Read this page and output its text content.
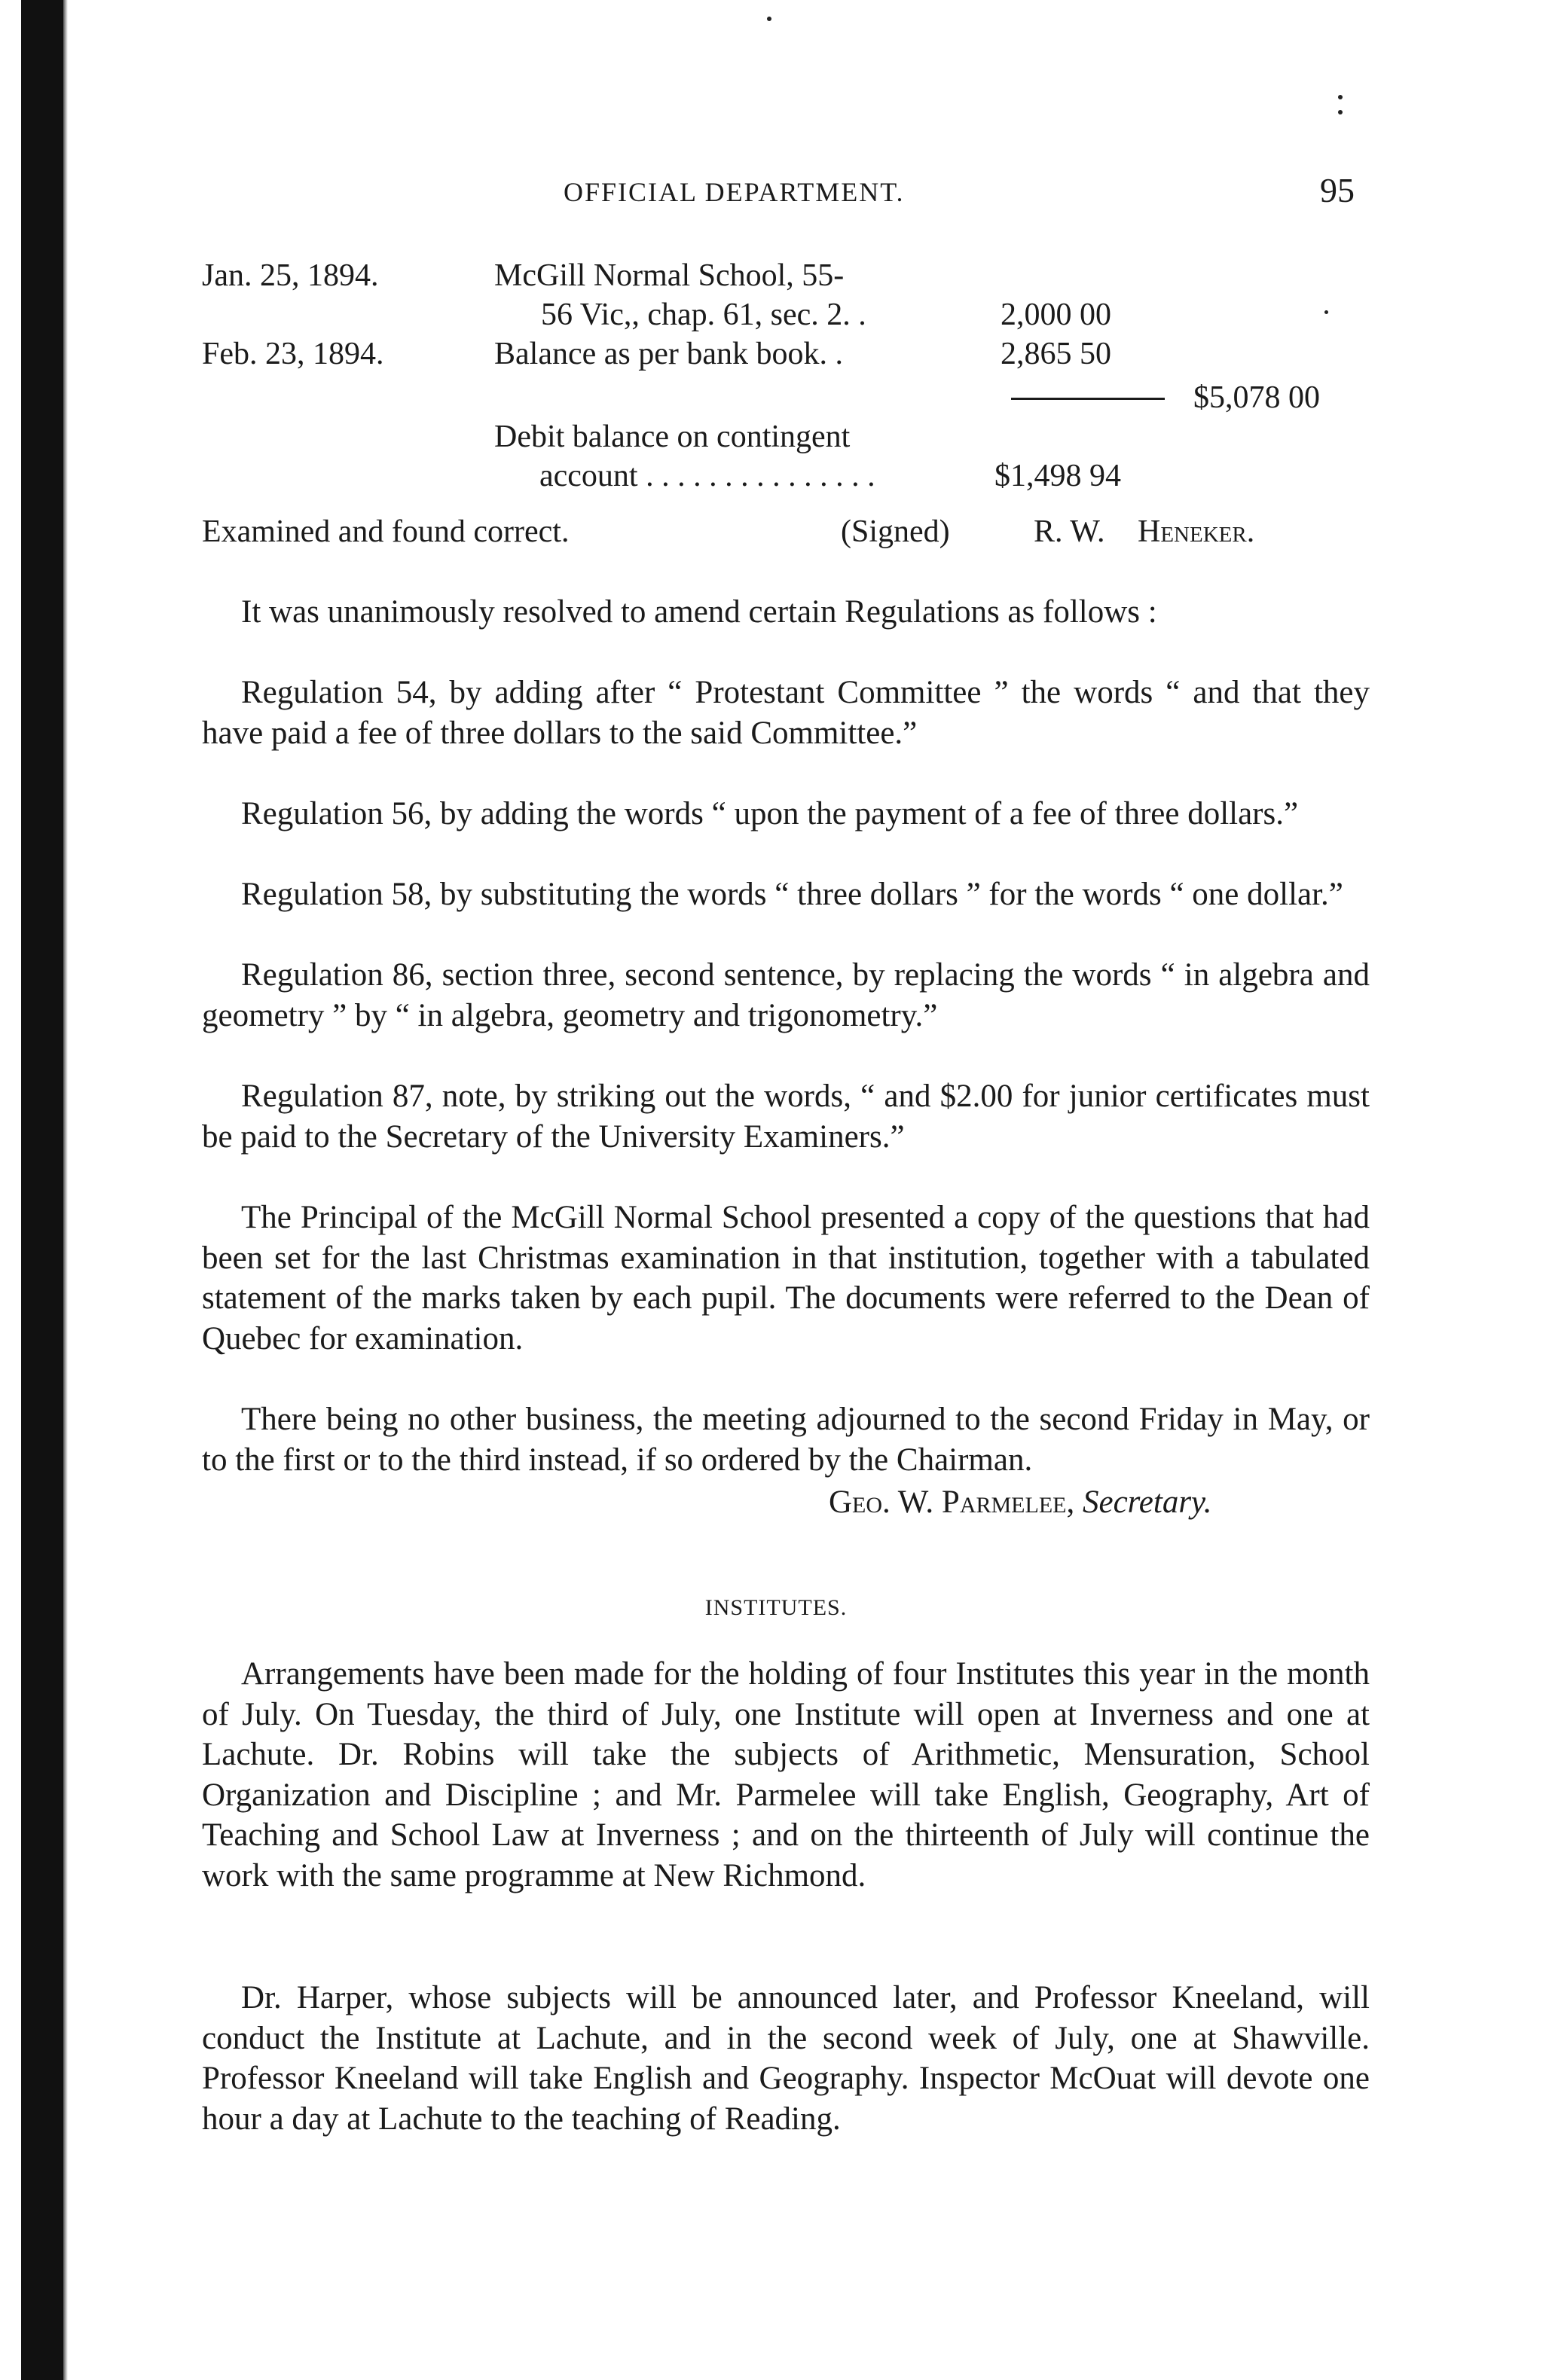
OFFICIAL DEPARTMENT.	95
Jan. 25, 1894.	McGill Normal School, 55-
56 Vic,, chap. 61, sec. 2. .	2,000 00
Feb. 23, 1894.	Balance as per bank book. .	2,865 50
$5,078 00
Debit balance on contingent
account . . . . . . . . . . . . . . .	$1,498 94
Examined and found correct.	(Signed)	R. W. Heneker.
It was unanimously resolved to amend certain Regulations as follows :
Regulation 54, by adding after “ Protestant Committee ” the words “ and that they have paid a fee of three dollars to the said Committee.”
Regulation 56, by adding the words “ upon the payment of a fee of three dollars.”
Regulation 58, by substituting the words “ three dollars ” for the words “ one dollar.”
Regulation 86, section three, second sentence, by replacing the words “ in algebra and geometry ” by “ in algebra, geometry and trigonometry.”
Regulation 87, note, by striking out the words, “ and $2.00 for junior certificates must be paid to the Secretary of the University Examiners.”
The Principal of the McGill Normal School presented a copy of the questions that had been set for the last Christmas examination in that institution, together with a tabulated statement of the marks taken by each pupil. The documents were referred to the Dean of Quebec for examination.
There being no other business, the meeting adjourned to the second Friday in May, or to the first or to the third instead, if so ordered by the Chairman.
Geo. W. Parmelee, Secretary.
INSTITUTES.
Arrangements have been made for the holding of four Institutes this year in the month of July. On Tuesday, the third of July, one Institute will open at Inverness and one at Lachute. Dr. Robins will take the subjects of Arithmetic, Mensuration, School Organization and Discipline ; and Mr. Parmelee will take English, Geography, Art of Teaching and School Law at Inverness ; and on the thirteenth of July will continue the work with the same programme at New Richmond.
Dr. Harper, whose subjects will be announced later, and Professor Kneeland, will conduct the Institute at Lachute, and in the second week of July, one at Shawville. Professor Kneeland will take English and Geography. Inspector McOuat will devote one hour a day at Lachute to the teaching of Reading.
